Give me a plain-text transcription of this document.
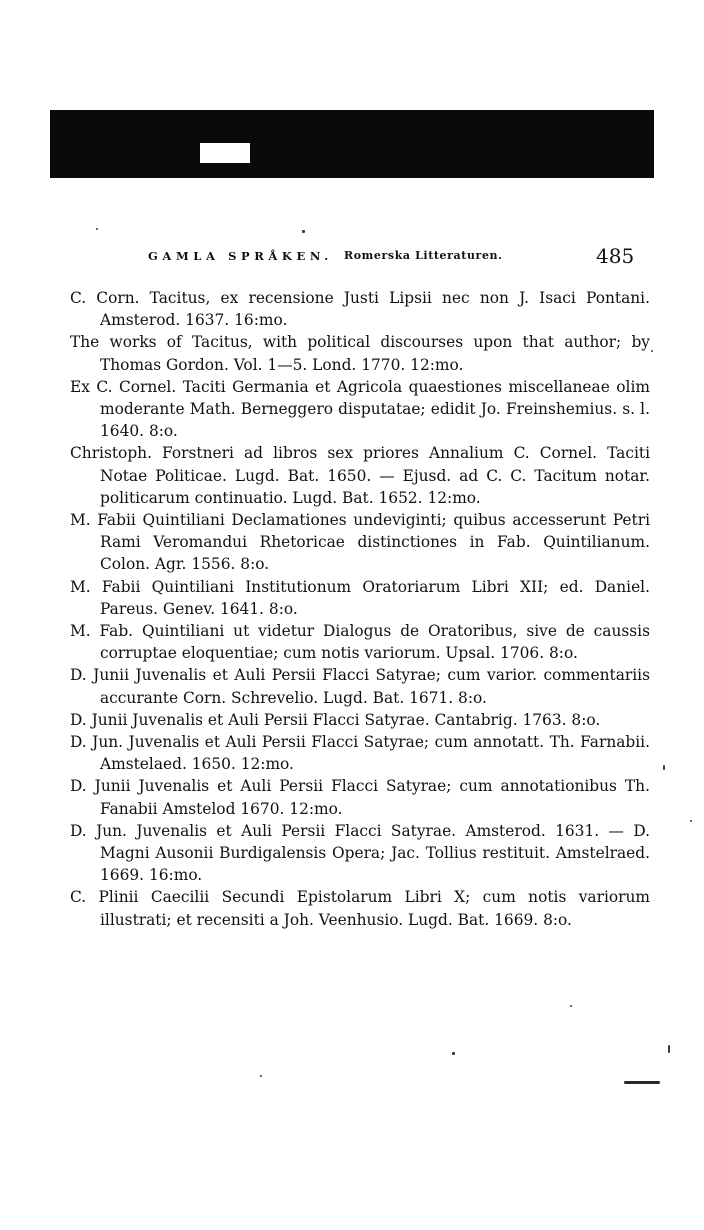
GAMLA SPRÅKEN. Romerska Litteraturen.	485
C. Corn. Tacitus, ex recensione Justi Lipsii nec non J. Isaci Pontani. Amsterod. 1637. 16:mo.
The works of Tacitus, with political discourses upon that author; by Thomas Gordon. Vol. 1—5. Lond. 1770. 12:mo.
Ex C. Cornel. Taciti Germania et Agricola quaestiones miscellaneae olim moderante Math. Berneggero disputatae; edidit Jo. Freinshemius. s. l. 1640. 8:o.
Christoph. Forstneri ad libros sex priores Annalium C. Cornel. Taciti Notae Politicae. Lugd. Bat. 1650. — Ejusd. ad C. C. Tacitum notar. politicarum continuatio. Lugd. Bat. 1652. 12:mo.
M. Fabii Quintiliani Declamationes undeviginti; quibus accesserunt Petri Rami Veromandui Rhetoricae distinctiones in Fab. Quintilianum. Colon. Agr. 1556. 8:o.
M. Fabii Quintiliani Institutionum Oratoriarum Libri XII; ed. Daniel. Pareus. Genev. 1641. 8:o.
M. Fab. Quintiliani ut videtur Dialogus de Oratoribus, sive de caussis corruptae eloquentiae; cum notis variorum. Upsal. 1706. 8:o.
D. Junii Juvenalis et Auli Persii Flacci Satyrae; cum varior. commentariis accurante Corn. Schrevelio. Lugd. Bat. 1671. 8:o.
D. Junii Juvenalis et Auli Persii Flacci Satyrae. Cantabrig. 1763. 8:o.
D. Jun. Juvenalis et Auli Persii Flacci Satyrae; cum annotatt. Th. Farnabii. Amstelaed. 1650. 12:mo.
D. Junii Juvenalis et Auli Persii Flacci Satyrae; cum annotationibus Th. Fanabii Amstelod 1670. 12:mo.
D. Jun. Juvenalis et Auli Persii Flacci Satyrae. Amsterod. 1631. — D. Magni Ausonii Burdigalensis Opera; Jac. Tollius restituit. Amstelraed. 1669. 16:mo.
C. Plinii Caecilii Secundi Epistolarum Libri X; cum notis variorum illustrati; et recensiti a Joh. Veenhusio. Lugd. Bat. 1669. 8:o.
